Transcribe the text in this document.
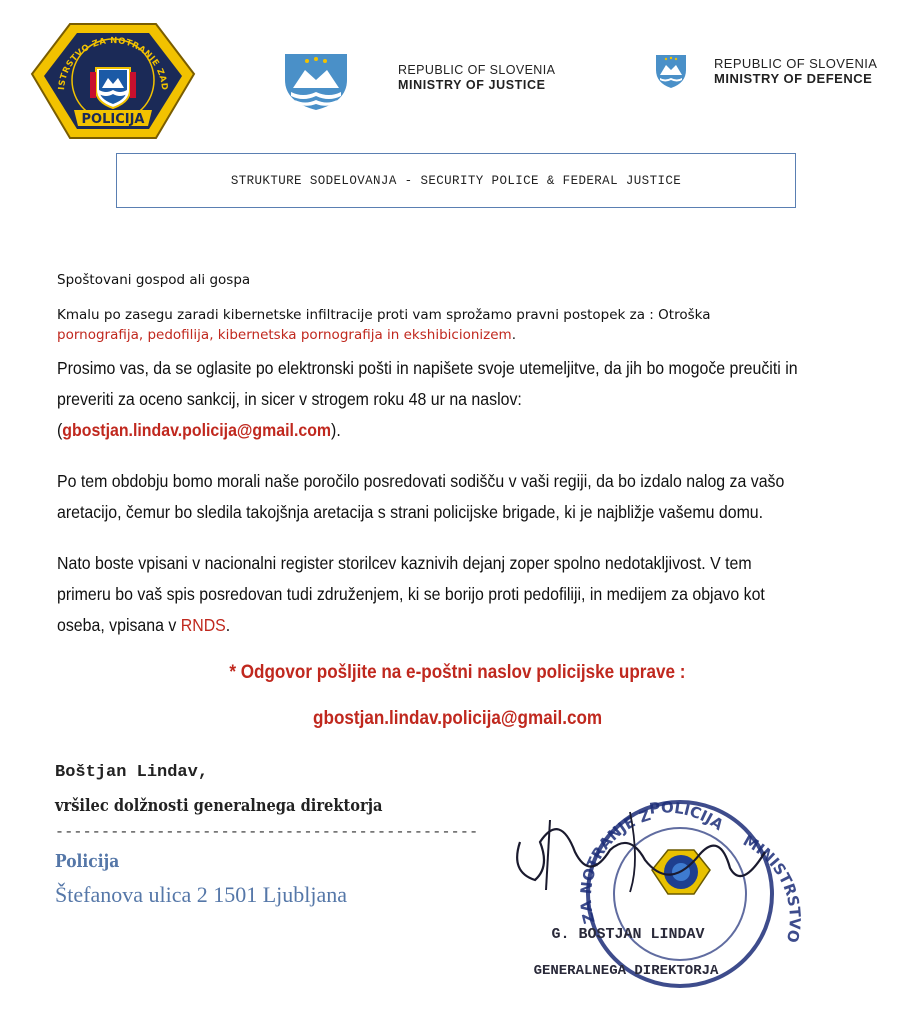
ISTRSTVO ZA NOTRANJE ZAD
POLICIJA
REPUBLIC OF SLOVENIA
MINISTRY OF JUSTICE
REPUBLIC OF SLOVENIA
MINISTRY OF DEFENCE
STRUKTURE SODELOVANJA - SECURITY POLICE & FEDERAL JUSTICE
Spoštovani gospod ali gospa
Kmalu po zasegu zaradi kibernetske infiltracije proti vam sprožamo pravni postopek za : Otroška
pornografija, pedofilija, kibernetska pornografija in ekshibicionizem.
Prosimo vas, da se oglasite po elektronski pošti in napišete svoje utemeljitve, da jih bo mogoče preučiti in
preveriti za oceno sankcij, in sicer v strogem roku 48 ur na naslov:
(gbostjan.lindav.policija@gmail.com).
Po tem obdobju bomo morali naše poročilo posredovati sodišču v vaši regiji, da bo izdalo nalog za vašo
aretacijo, čemur bo sledila takojšnja aretacija s strani policijske brigade, ki je najbližje vašemu domu.
Nato boste vpisani v nacionalni register storilcev kaznivih dejanj zoper spolno nedotakljivost. V tem
primeru bo vaš spis posredovan tudi združenjem, ki se borijo proti pedofiliji, in medijem za objavo kot
oseba, vpisana v RNDS.
* Odgovor pošljite na e-poštni naslov policijske uprave :
gbostjan.lindav.policija@gmail.com
Boštjan Lindav,
vršilec dolžnosti generalnega direktorja
----------------------------------------------
Policija
Štefanova ulica 2 1501 Ljubljana
ZA NOTRANJE Z
POLICIJA
MINISTRSTVO
G. BOSTJAN LINDAV
GENERALNEGA DIREKTORJA
